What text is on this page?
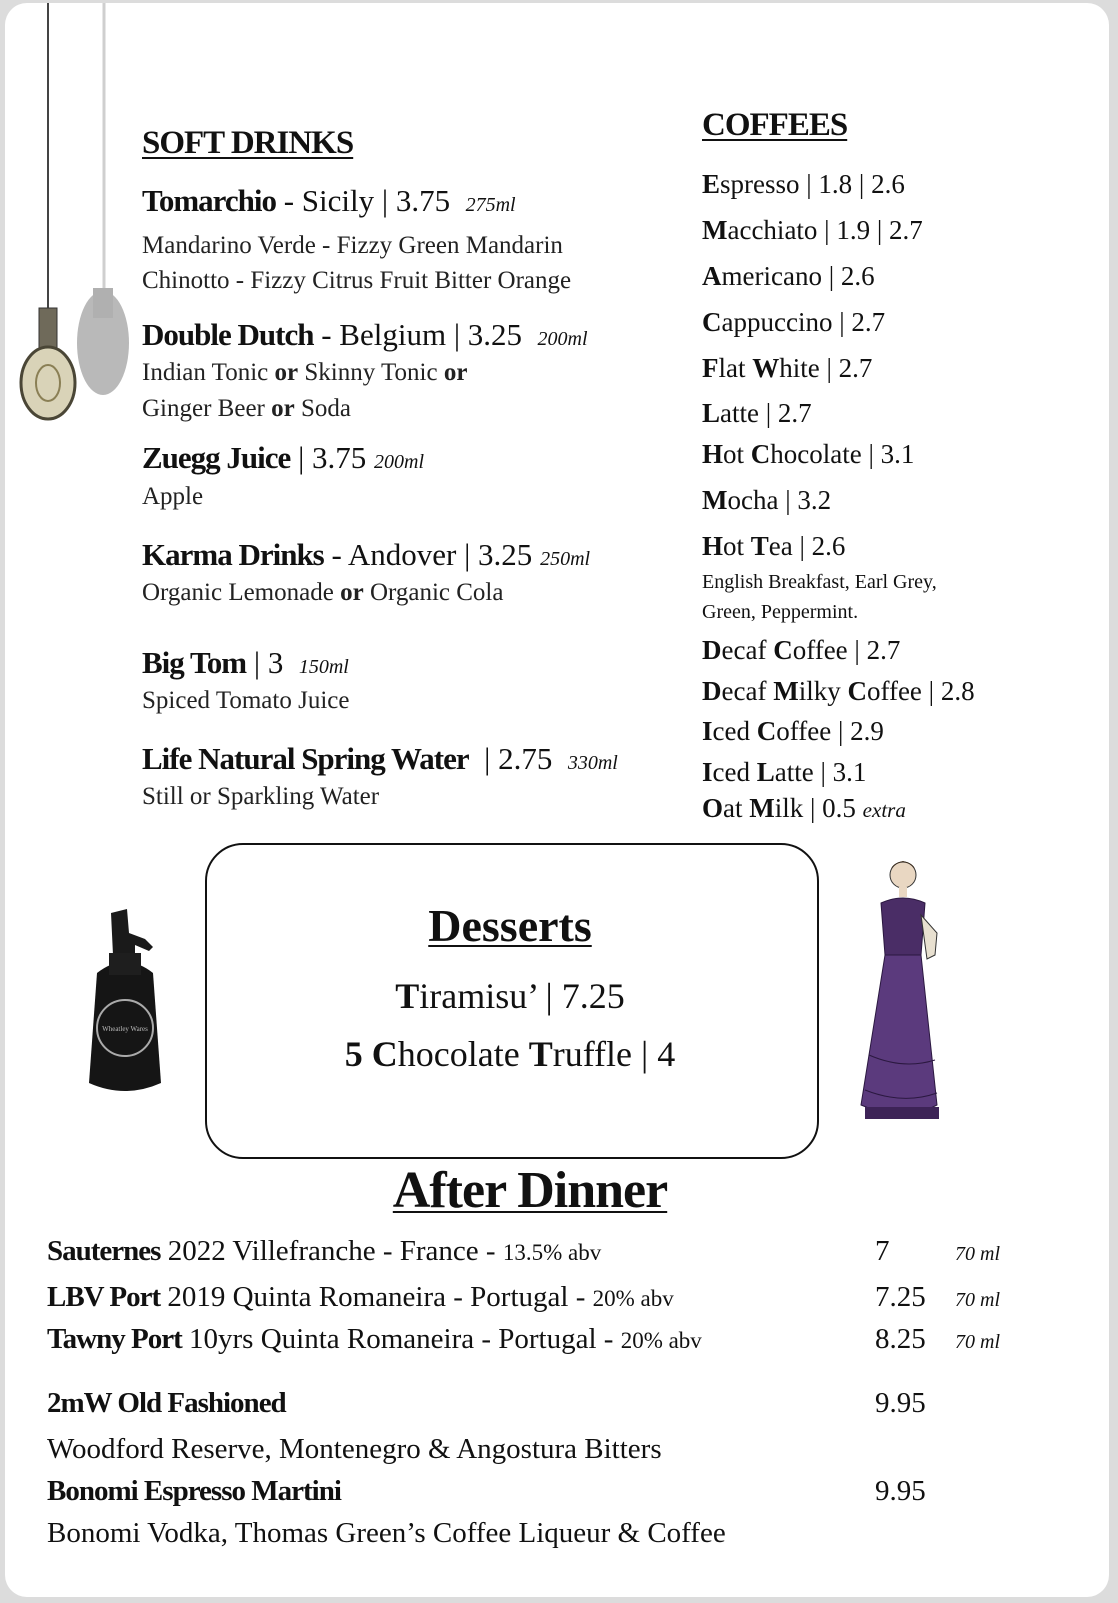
SOFT DRINKS
Tomarchio - Sicily | 3.75 275ml
Mandarino Verde - Fizzy Green Mandarin
Chinotto - Fizzy Citrus Fruit Bitter Orange
Double Dutch - Belgium | 3.25 200ml
Indian Tonic or Skinny Tonic or
Ginger Beer or Soda
Zuegg Juice | 3.75 200ml
Apple
Karma Drinks - Andover | 3.25 250ml
Organic Lemonade or Organic Cola
Big Tom | 3 150ml
Spiced Tomato Juice
Life Natural Spring Water | 2.75 330ml
Still or Sparkling Water
COFFEES
Espresso | 1.8 | 2.6
Macchiato | 1.9 | 2.7
Americano | 2.6
Cappuccino | 2.7
Flat White | 2.7
Latte | 2.7
Hot Chocolate | 3.1
Mocha | 3.2
Hot Tea | 2.6
English Breakfast, Earl Grey,
Green, Peppermint.
Decaf Coffee | 2.7
Decaf Milky Coffee | 2.8
Iced Coffee | 2.9
Iced Latte | 3.1
Oat Milk | 0.5 extra
Wheatley Wares
Desserts
Tiramisu’ | 7.25
5 Chocolate Truffle | 4
After Dinner
Sauternes 2022 Villefranche - France - 13.5% abv	7	70 ml
LBV Port 2019 Quinta Romaneira - Portugal - 20% abv	7.25 70 ml
Tawny Port 10yrs Quinta Romaneira - Portugal - 20% abv	8.25 70 ml
2mW Old Fashioned	9.95
Woodford Reserve, Montenegro & Angostura Bitters
Bonomi Espresso Martini	9.95
Bonomi Vodka, Thomas Green’s Coffee Liqueur & Coffee
